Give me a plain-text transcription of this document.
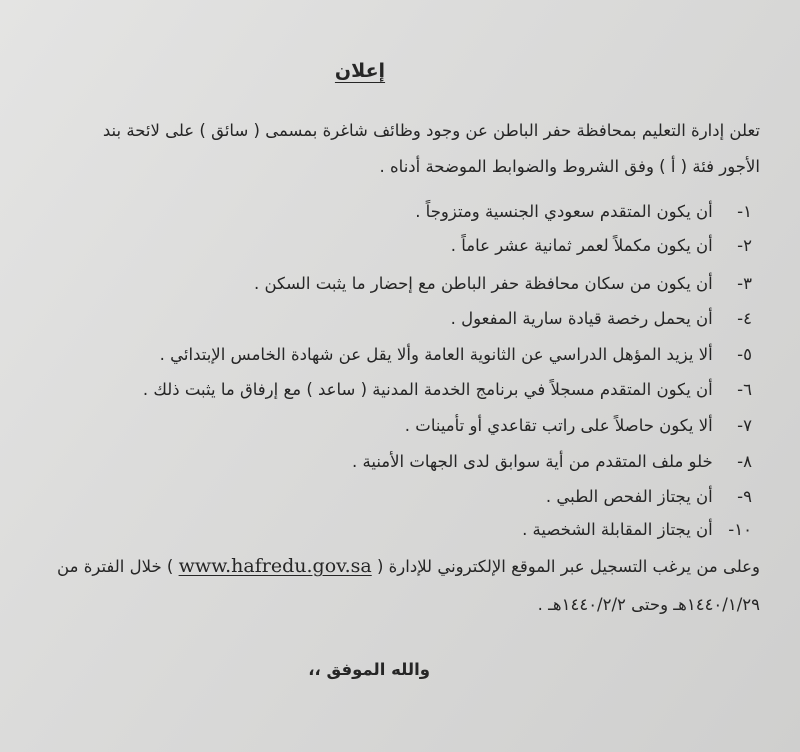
إعلان
تعلن إدارة التعليم بمحافظة حفر الباطن عن وجود وظائف شاغرة بمسمى ( سائق ) على لائحة بند
الأجور فئة ( أ ) وفق الشروط والضوابط الموضحة أدناه .
١- أن يكون المتقدم سعودي الجنسية ومتزوجاً .
٢- أن يكون مكملاً لعمر ثمانية عشر عاماً .
٣- أن يكون من سكان محافظة حفر الباطن مع إحضار ما يثبت السكن .
٤- أن يحمل رخصة قيادة سارية المفعول .
٥- ألا يزيد المؤهل الدراسي عن الثانوية العامة وألا يقل عن شهادة الخامس الإبتدائي .
٦- أن يكون المتقدم مسجلاً في برنامج الخدمة المدنية ( ساعد ) مع إرفاق ما يثبت ذلك .
٧- ألا يكون حاصلاً على راتب تقاعدي أو تأمينات .
٨- خلو ملف المتقدم من أية سوابق لدى الجهات الأمنية .
٩- أن يجتاز الفحص الطبي .
١٠- أن يجتاز المقابلة الشخصية .
وعلى من يرغب التسجيل عبر الموقع الإلكتروني للإدارة ( www.hafredu.gov.sa ) خلال الفترة من
١٤٤٠/١/٢٩هـ وحتى ١٤٤٠/٢/٢هـ .
والله الموفق ،،
